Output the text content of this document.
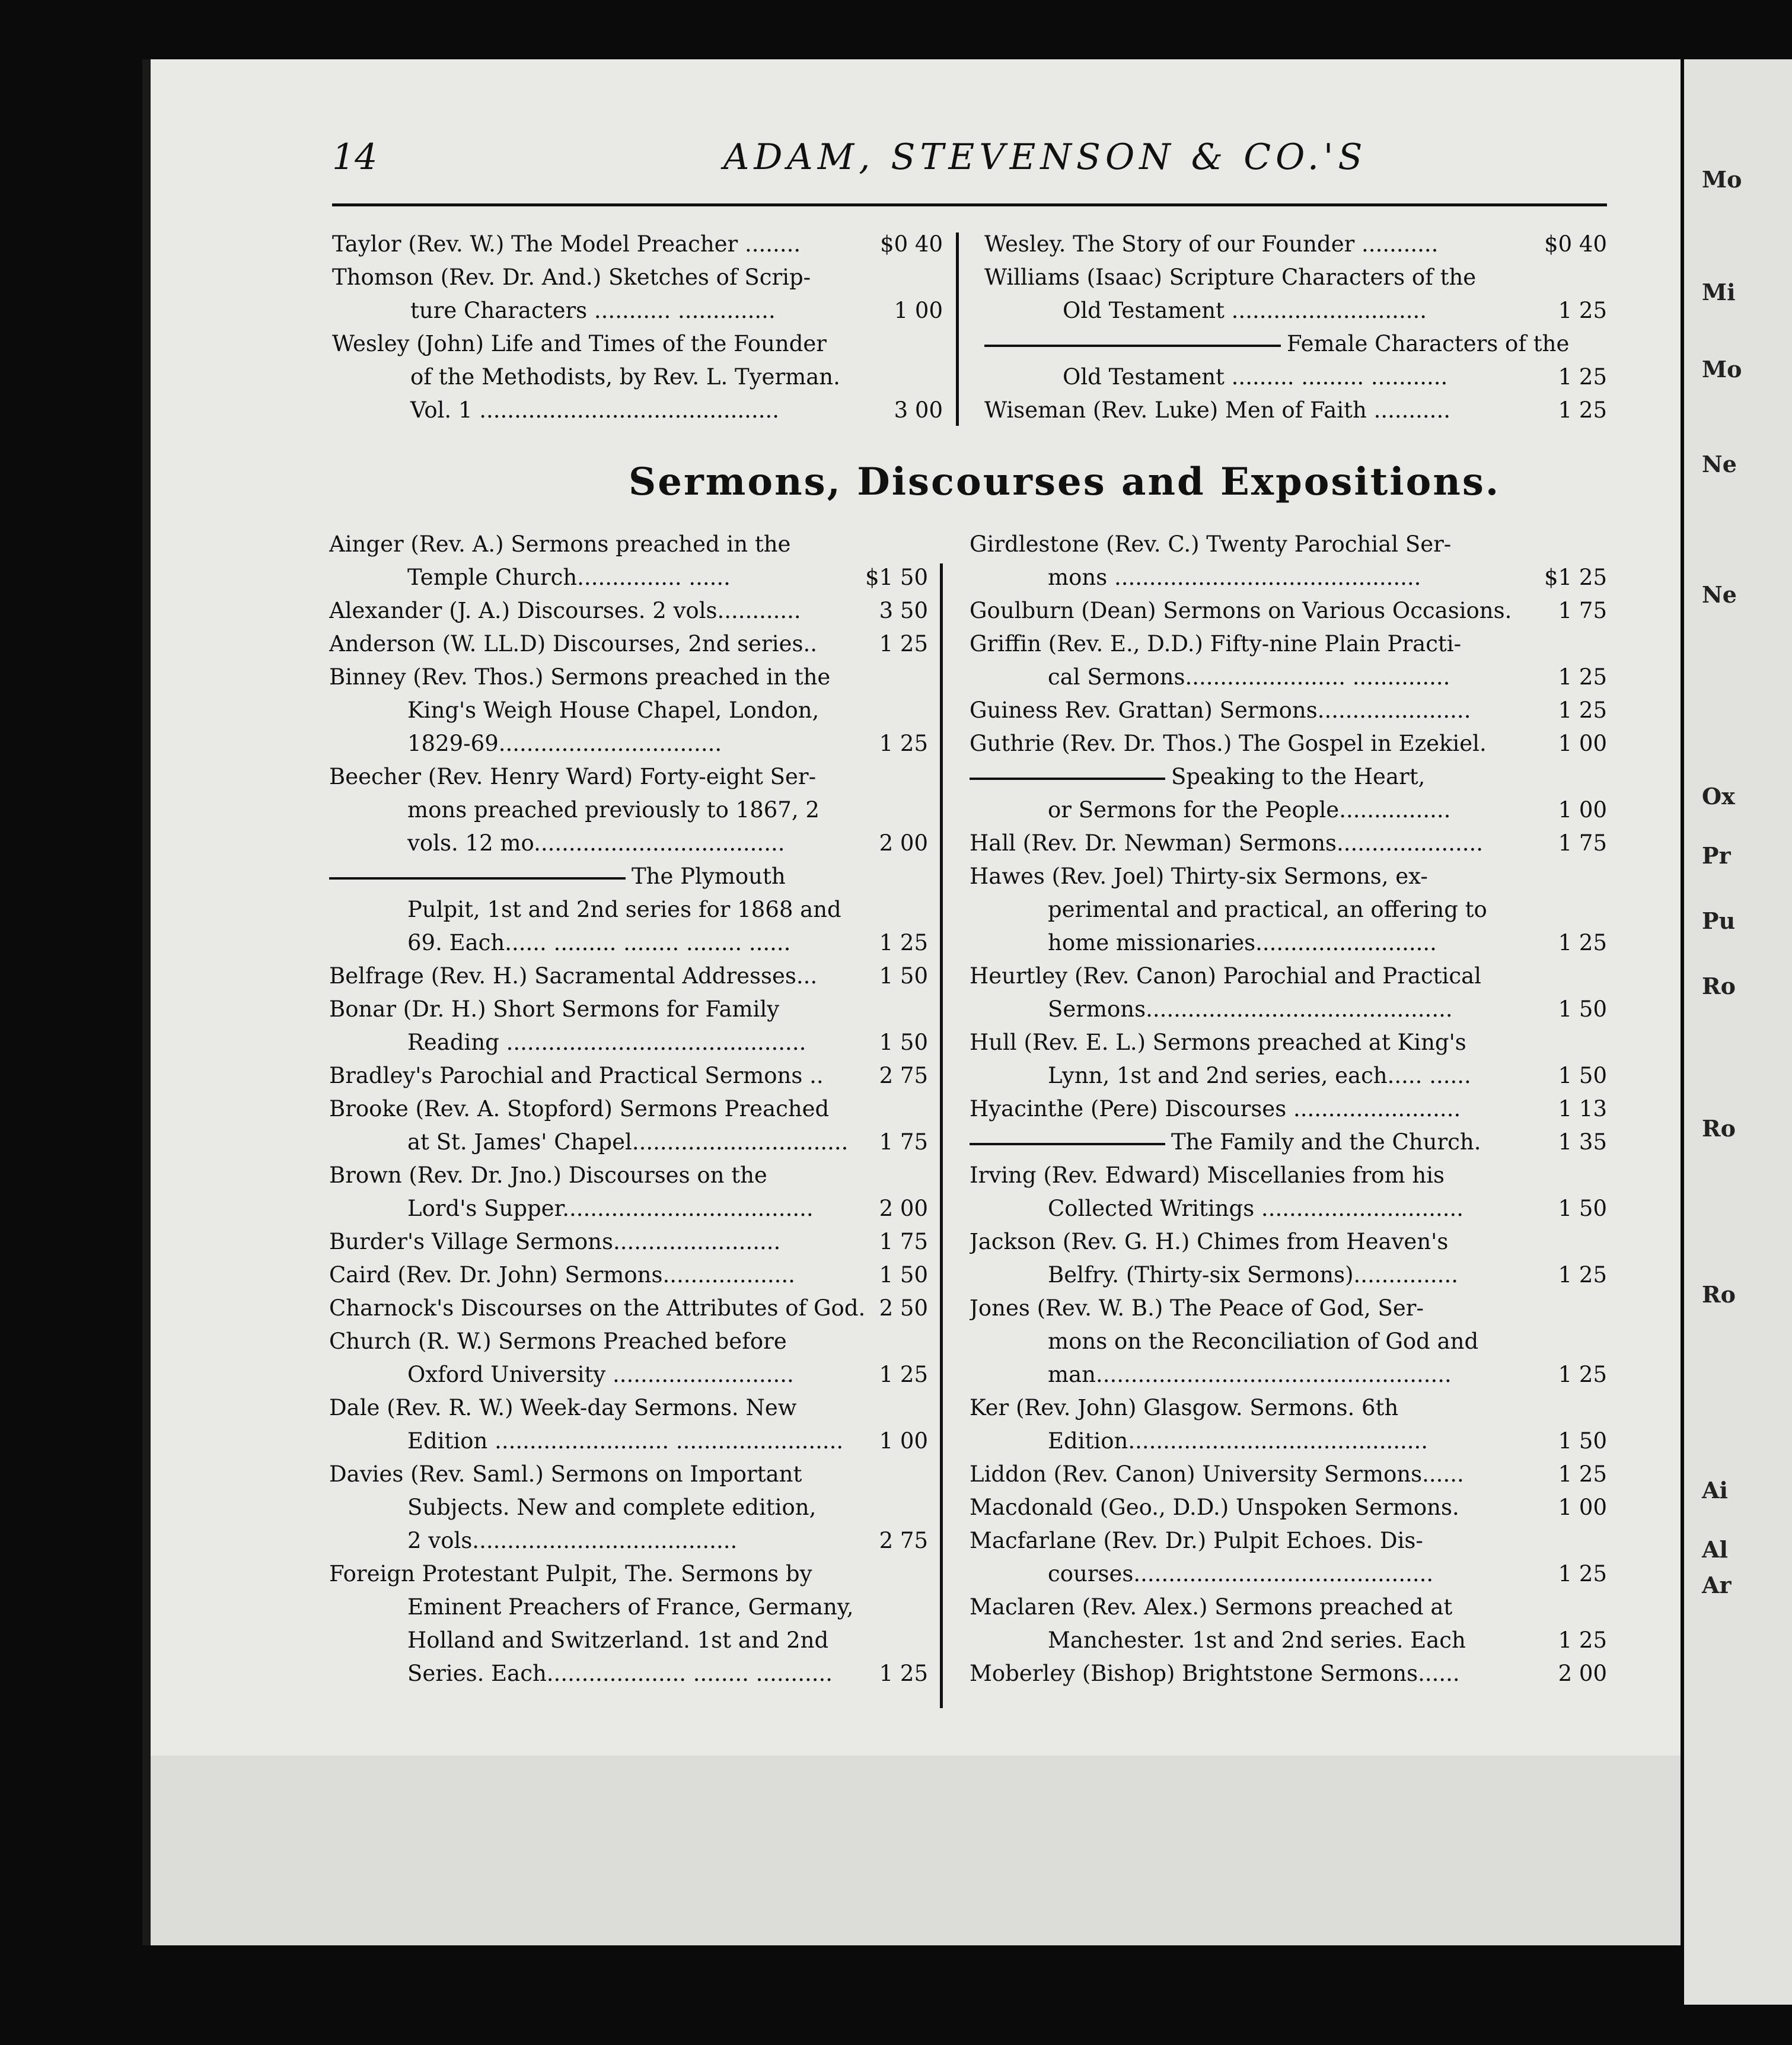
Mo
Mi
Mo
Ne
Ne
Ox
Pr
Pu
Ro
Ro
Ro
Ai
Al
Ar
14	ADAM, STEVENSON & CO.'S
Taylor (Rev. W.) The Model Preacher ........	$0 40
Thomson (Rev. Dr. And.) Sketches of Scrip-
ture Characters ........... ..............	1 00
Wesley (John) Life and Times of the Founder
of the Methodists, by Rev. L. Tyerman.
Vol. 1 ...........................................	3 00
Wesley. The Story of our Founder ...........	$0 40
Williams (Isaac) Scripture Characters of the
Old Testament ............................	1 25
Female Characters of the
Old Testament ......... ......... ...........	1 25
Wiseman (Rev. Luke) Men of Faith ...........	1 25
Sermons, Discourses and Expositions.
Ainger (Rev. A.) Sermons preached in the
Temple Church............... ......	$1 50
Alexander (J. A.) Discourses. 2 vols............	3 50
Anderson (W. LL.D) Discourses, 2nd series..	1 25
Binney (Rev. Thos.) Sermons preached in the
King's Weigh House Chapel, London,
1829-69................................	1 25
Beecher (Rev. Henry Ward) Forty-eight Ser-
mons preached previously to 1867, 2
vols. 12 mo....................................	2 00
The Plymouth
Pulpit, 1st and 2nd series for 1868 and
69. Each...... ......... ........ ........ ......	1 25
Belfrage (Rev. H.) Sacramental Addresses...	1 50
Bonar (Dr. H.) Short Sermons for Family
Reading ...........................................	1 50
Bradley's Parochial and Practical Sermons ..	2 75
Brooke (Rev. A. Stopford) Sermons Preached
at St. James' Chapel...............................	1 75
Brown (Rev. Dr. Jno.) Discourses on the
Lord's Supper....................................	2 00
Burder's Village Sermons........................	1 75
Caird (Rev. Dr. John) Sermons...................	1 50
Charnock's Discourses on the Attributes of God. 2 50
Church (R. W.) Sermons Preached before
Oxford University ..........................	1 25
Dale (Rev. R. W.) Week-day Sermons. New
Edition ......................... ........................	1 00
Davies (Rev. Saml.) Sermons on Important
Subjects. New and complete edition,
2 vols......................................	2 75
Foreign Protestant Pulpit, The. Sermons by
Eminent Preachers of France, Germany,
Holland and Switzerland. 1st and 2nd
Series. Each.................... ........ ...........	1 25
Girdlestone (Rev. C.) Twenty Parochial Ser-
mons ............................................	$1 25
Goulburn (Dean) Sermons on Various Occasions.	1 75
Griffin (Rev. E., D.D.) Fifty-nine Plain Practi-
cal Sermons....................... ..............	1 25
Guiness Rev. Grattan) Sermons......................	1 25
Guthrie (Rev. Dr. Thos.) The Gospel in Ezekiel.	1 00
Speaking to the Heart,
or Sermons for the People................	1 00
Hall (Rev. Dr. Newman) Sermons.....................	1 75
Hawes (Rev. Joel) Thirty-six Sermons, ex-
perimental and practical, an offering to
home missionaries..........................	1 25
Heurtley (Rev. Canon) Parochial and Practical
Sermons............................................	1 50
Hull (Rev. E. L.) Sermons preached at King's
Lynn, 1st and 2nd series, each..... ......	1 50
Hyacinthe (Pere) Discourses ........................	1 13
The Family and the Church.	1 35
Irving (Rev. Edward) Miscellanies from his
Collected Writings .............................	1 50
Jackson (Rev. G. H.) Chimes from Heaven's
Belfry. (Thirty-six Sermons)...............	1 25
Jones (Rev. W. B.) The Peace of God, Ser-
mons on the Reconciliation of God and
man...................................................	1 25
Ker (Rev. John) Glasgow. Sermons. 6th
Edition...........................................	1 50
Liddon (Rev. Canon) University Sermons......	1 25
Macdonald (Geo., D.D.) Unspoken Sermons.	1 00
Macfarlane (Rev. Dr.) Pulpit Echoes. Dis-
courses...........................................	1 25
Maclaren (Rev. Alex.) Sermons preached at
Manchester. 1st and 2nd series. Each	1 25
Moberley (Bishop) Brightstone Sermons......	2 00
